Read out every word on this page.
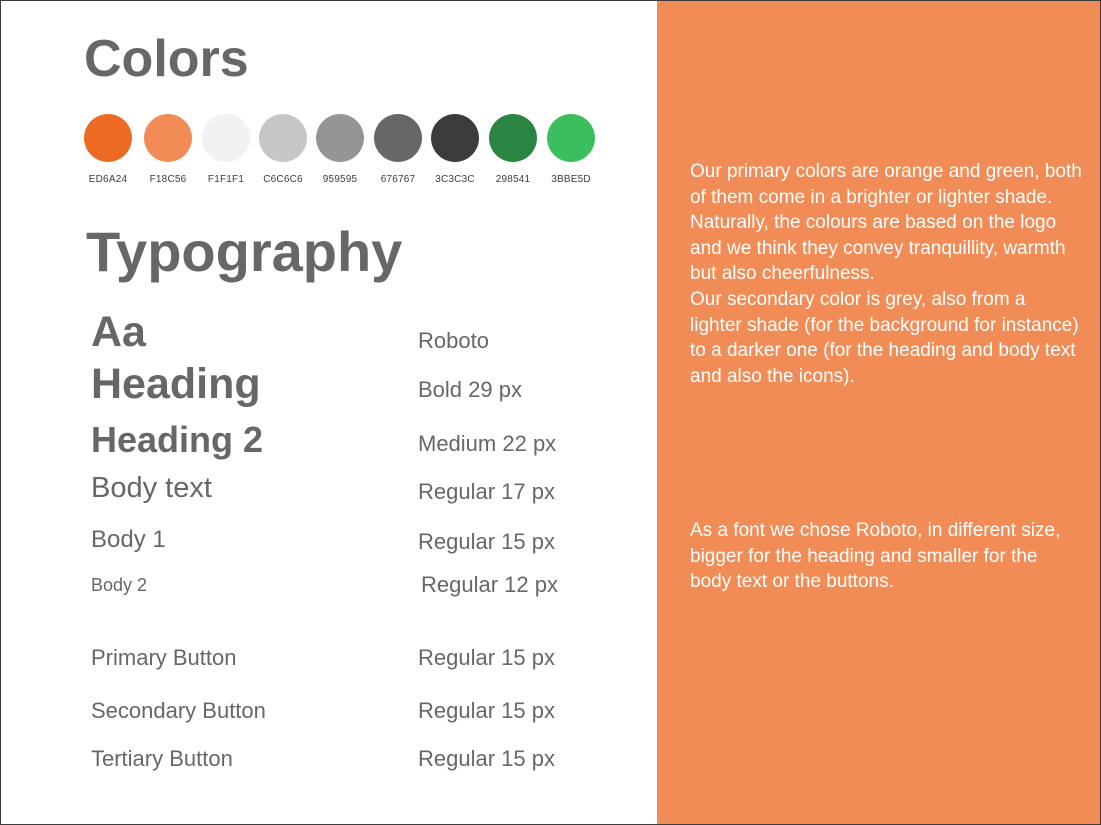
Colors
ED6A24	F18C56	F1F1F1	C6C6C6	959595	676767	3C3C3C	298541	3BBE5D
Typography
Aa	Roboto
Heading	Bold 29 px
Heading 2	Medium 22 px
Body text	Regular 17 px
Body 1	Regular 15 px
Body 2	Regular 12 px
Primary Button	Regular 15 px
Secondary Button	Regular 15 px
Tertiary Button	Regular 15 px

Our primary colors are orange and green, both of them come in a brighter or lighter shade.
Naturally, the colours are based on the logo and we think they convey tranquillity, warmth but also cheerfulness.
Our secondary color is grey, also from a lighter shade (for the background for instance) to a darker one (for the heading and body text and also the icons).

As a font we chose Roboto, in different size, bigger for the heading and smaller for the body text or the buttons.
